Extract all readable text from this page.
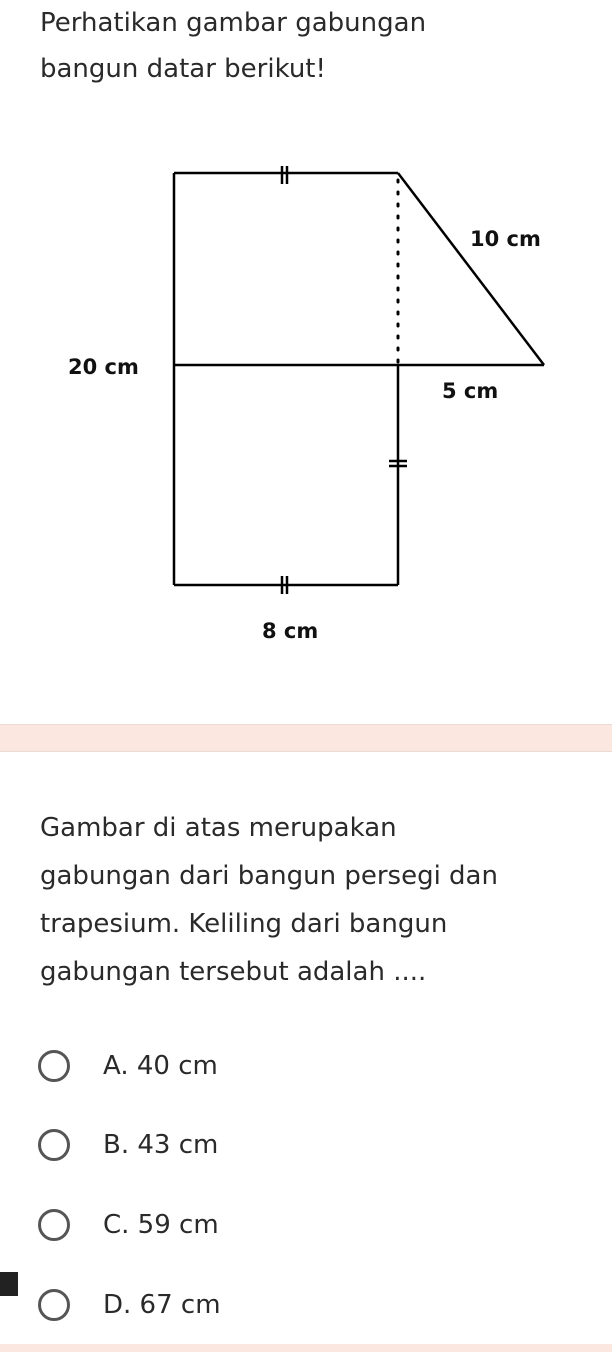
Perhatikan gambar gabungan
bangun datar berikut!

20 cm
10 cm
5 cm
8 cm

Gambar di atas merupakan
gabungan dari bangun persegi dan
trapesium. Keliling dari bangun
gabungan tersebut adalah ....

A. 40 cm
B. 43 cm
C. 59 cm
D. 67 cm
